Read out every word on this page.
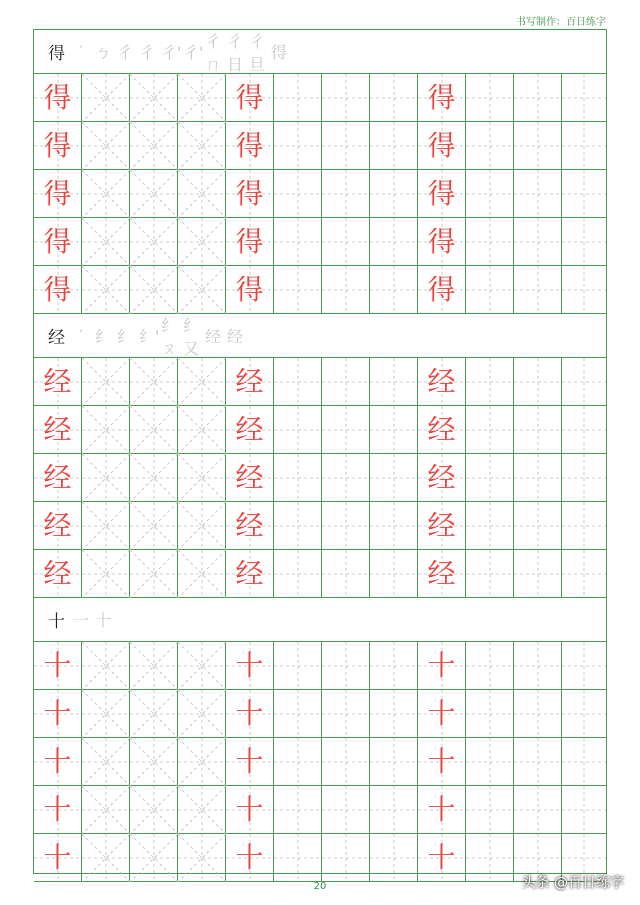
书写制作：百日练字
得 ′ ㄅ 彳 彳 彳' 彳'
彳ㄇ
彳日
彳旦
得
得	得	得
得	得	得
得	得	得
得	得	得
得	得	得
经 ′ 纟 纟 纟'
纟ㄡ
纟又
经 经
经	经	经
经	经	经
经	经	经
经	经	经
经	经	经
十 一 十
十	十	十
十	十	十
十	十	十
十	十	十
十	十	十
20	头条 @百日练字
